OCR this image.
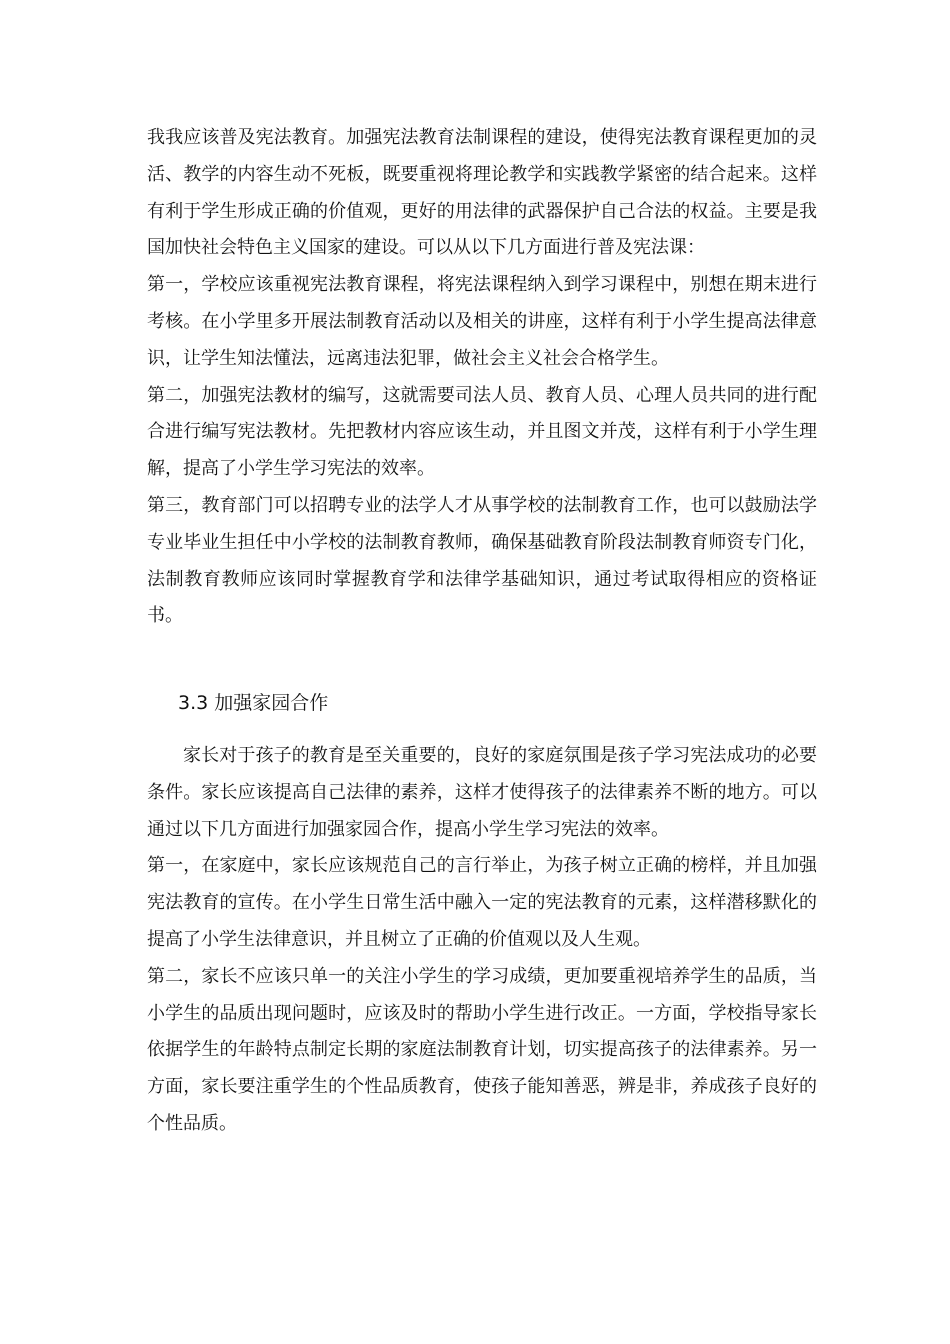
我我应该普及宪法教育。加强宪法教育法制课程的建设，使得宪法教育课程更加的灵活、教学的内容生动不死板，既要重视将理论教学和实践教学紧密的结合起来。这样有利于学生形成正确的价值观，更好的用法律的武器保护自己合法的权益。主要是我国加快社会特色主义国家的建设。可以从以下几方面进行普及宪法课：

第一，学校应该重视宪法教育课程，将宪法课程纳入到学习课程中，别想在期末进行考核。在小学里多开展法制教育活动以及相关的讲座，这样有利于小学生提高法律意识，让学生知法懂法，远离违法犯罪，做社会主义社会合格学生。

第二，加强宪法教材的编写，这就需要司法人员、教育人员、心理人员共同的进行配合进行编写宪法教材。先把教材内容应该生动，并且图文并茂，这样有利于小学生理解，提高了小学生学习宪法的效率。

第三，教育部门可以招聘专业的法学人才从事学校的法制教育工作，也可以鼓励法学专业毕业生担任中小学校的法制教育教师，确保基础教育阶段法制教育师资专门化，法制教育教师应该同时掌握教育学和法律学基础知识，通过考试取得相应的资格证书。

3.3 加强家园合作

家长对于孩子的教育是至关重要的，良好的家庭氛围是孩子学习宪法成功的必要条件。家长应该提高自己法律的素养，这样才使得孩子的法律素养不断的地方。可以通过以下几方面进行加强家园合作，提高小学生学习宪法的效率。

第一，在家庭中，家长应该规范自己的言行举止，为孩子树立正确的榜样，并且加强宪法教育的宣传。在小学生日常生活中融入一定的宪法教育的元素，这样潜移默化的提高了小学生法律意识，并且树立了正确的价值观以及人生观。

第二，家长不应该只单一的关注小学生的学习成绩，更加要重视培养学生的品质，当小学生的品质出现问题时，应该及时的帮助小学生进行改正。一方面，学校指导家长依据学生的年龄特点制定长期的家庭法制教育计划，切实提高孩子的法律素养。另一方面，家长要注重学生的个性品质教育，使孩子能知善恶，辨是非，养成孩子良好的个性品质。
